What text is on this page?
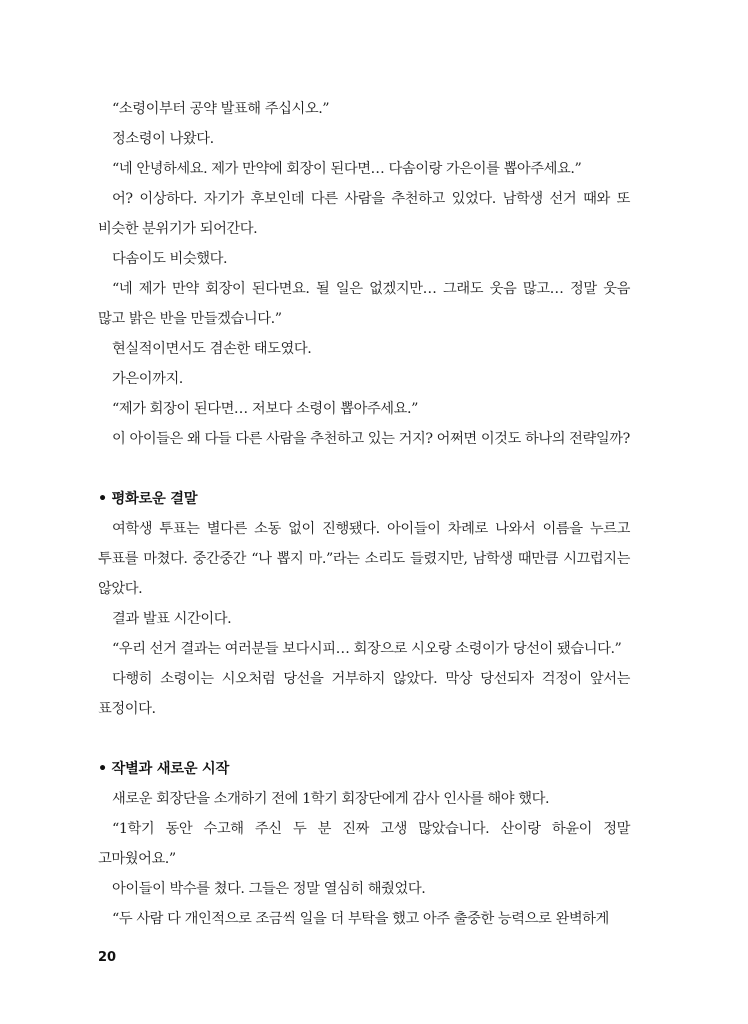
“소령이부터 공약 발표해 주십시오.”

정소령이 나왔다.

“네 안녕하세요. 제가 만약에 회장이 된다면… 다솜이랑 가은이를 뽑아주세요.”

어? 이상하다. 자기가 후보인데 다른 사람을 추천하고 있었다. 남학생 선거 때와 또 비슷한 분위기가 되어간다.

다솜이도 비슷했다.

“네 제가 만약 회장이 된다면요. 될 일은 없겠지만… 그래도 웃음 많고… 정말 웃음 많고 밝은 반을 만들겠습니다.”

현실적이면서도 겸손한 태도였다.

가은이까지.

“제가 회장이 된다면… 저보다 소령이 뽑아주세요.”

이 아이들은 왜 다들 다른 사람을 추천하고 있는 거지? 어쩌면 이것도 하나의 전략일까?

• 평화로운 결말

여학생 투표는 별다른 소동 없이 진행됐다. 아이들이 차례로 나와서 이름을 누르고 투표를 마쳤다. 중간중간 “나 뽑지 마.”라는 소리도 들렸지만, 남학생 때만큼 시끄럽지는 않았다.

결과 발표 시간이다.

“우리 선거 결과는 여러분들 보다시피… 회장으로 시오랑 소령이가 당선이 됐습니다.”

다행히 소령이는 시오처럼 당선을 거부하지 않았다. 막상 당선되자 걱정이 앞서는 표정이다.

• 작별과 새로운 시작

새로운 회장단을 소개하기 전에 1학기 회장단에게 감사 인사를 해야 했다.

“1학기 동안 수고해 주신 두 분 진짜 고생 많았습니다. 산이랑 하윤이 정말 고마웠어요.”

아이들이 박수를 쳤다. 그들은 정말 열심히 해줬었다.

“두 사람 다 개인적으로 조금씩 일을 더 부탁을 했고 아주 출중한 능력으로 완벽하게

20
